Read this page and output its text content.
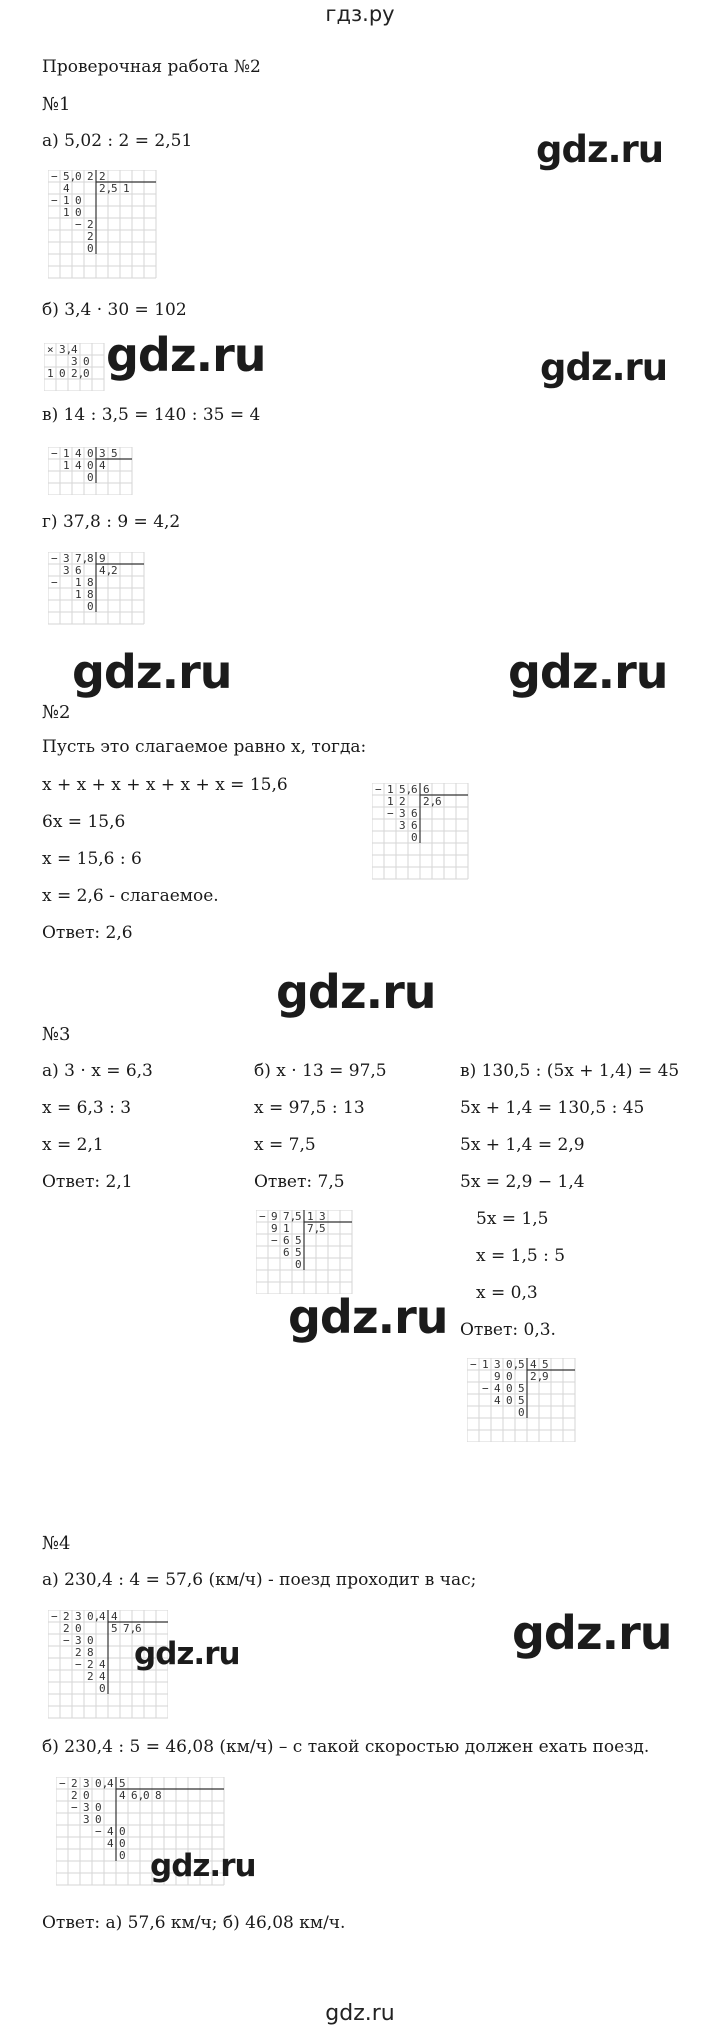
гдз.ру
Проверочная работа №2
№1
а) 5,02 : 2 = 2,51
− 5,
0 2 2
4	2,
5 1
− 1 0
1 0
− 2
2
0
gdz.ru
б) 3,4 · 30 = 102
× 3,
4
3 0
1 0 2,
0 gdz.ru	gdz.ru
в) 14 : 3,5 = 140 : 35 = 4
− 1 4 0 3 5
1 4 0 4
0
г) 37,8 : 9 = 4,2
− 3 7,
8 9
3 6 4,
2
− 1 8
1 8
0
gdz.ru	gdz.ru
№2
Пусть это слагаемое равно x, тогда:
x + x + x + x + x + x = 15,6
6x = 15,6
x = 15,6 : 6
x = 2,6 - слагаемое.
Ответ: 2,6
− 1 5,
6 6
1 2 2,
6
− 3 6
3 6
0
gdz.ru
№3
а) 3 · x = 6,3
x = 6,3 : 3
x = 2,1
Ответ: 2,1
б) x · 13 = 97,5
x = 97,5 : 13
x = 7,5
Ответ: 7,5
− 9 7,
5 1 3
9 1 7,
5
− 6 5
6 5
0
в) 130,5 : (5x + 1,4) = 45
5x + 1,4 = 130,5 : 45
5x + 1,4 = 2,9
5x = 2,9 − 1,4
5x = 1,5
x = 1,5 : 5
x = 0,3
Ответ: 0,3.
− 1 3 0,
5 4 5
9 0 2,
9
− 4 0 5
4 0 5
0
gdz.ru
№4
а) 230,4 : 4 = 57,6 (км/ч) - поезд проходит в час;
− 2 3 0,
4 4
2 0	5 7,
6
− 3 0
2 8
− 2 4
2 4
0
gdz.ru	gdz.ru
б) 230,4 : 5 = 46,08 (км/ч) – с такой скоростью должен ехать поезд.
− 2 3 0,
4 5
2 0	4 6,
0 8
− 3 0
3 0
− 4 0
4 0
0 gdz.ru
Ответ: а) 57,6 км/ч; б) 46,08 км/ч.
gdz.ru
